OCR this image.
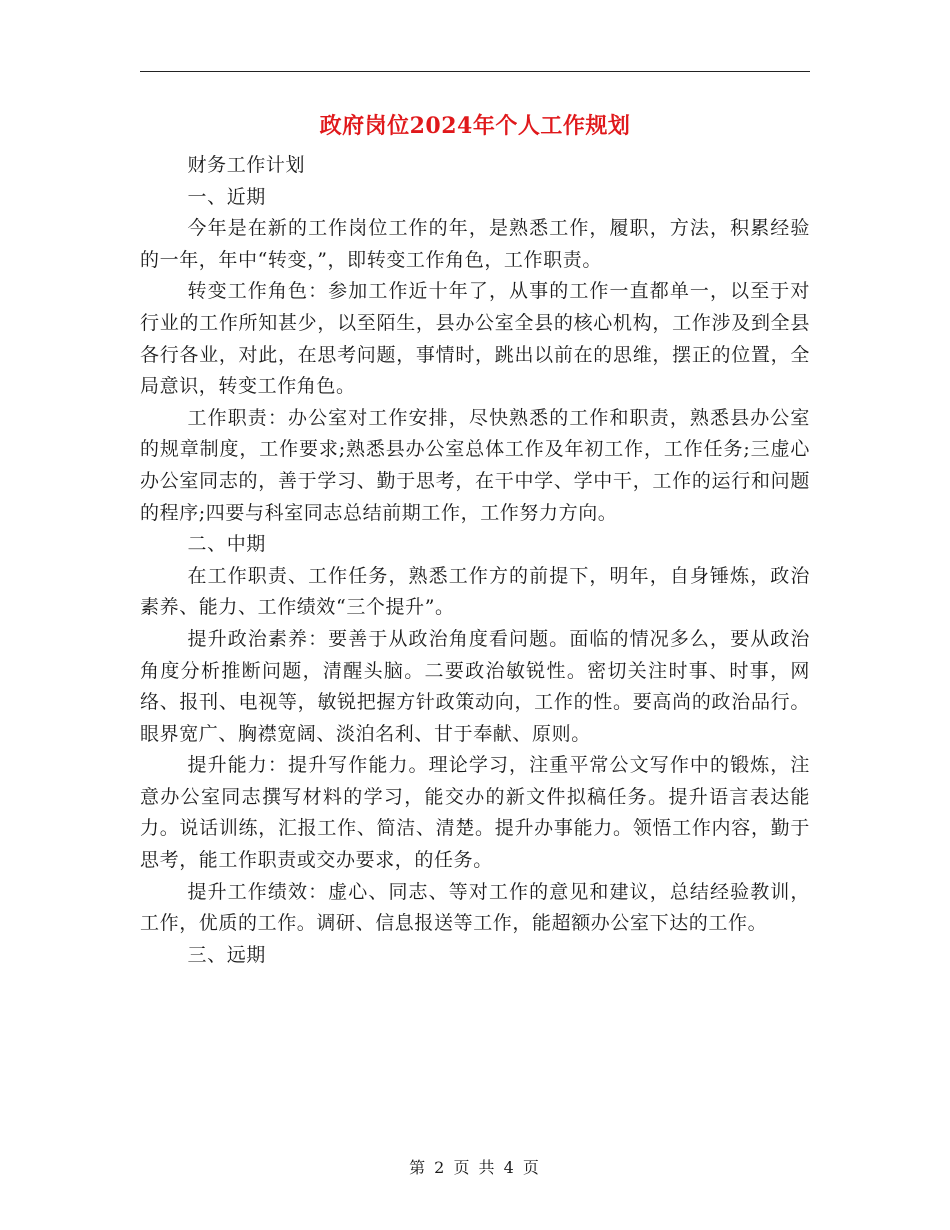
政府岗位2024年个人工作规划

财务工作计划

一、近期

今年是在新的工作岗位工作的年，是熟悉工作，履职，方法，积累经验的一年，年中“转变，”，即转变工作角色，工作职责。

转变工作角色：参加工作近十年了，从事的工作一直都单一，以至于对行业的工作所知甚少，以至陌生，县办公室全县的核心机构，工作涉及到全县各行各业，对此，在思考问题，事情时，跳出以前在的思维，摆正的位置，全局意识，转变工作角色。

工作职责：办公室对工作安排，尽快熟悉的工作和职责，熟悉县办公室的规章制度，工作要求;熟悉县办公室总体工作及年初工作，工作任务;三虚心办公室同志的，善于学习、勤于思考，在干中学、学中干，工作的运行和问题的程序;四要与科室同志总结前期工作，工作努力方向。

二、中期

在工作职责、工作任务，熟悉工作方的前提下，明年，自身锤炼，政治素养、能力、工作绩效“三个提升”。

提升政治素养：要善于从政治角度看问题。面临的情况多么，要从政治角度分析推断问题，清醒头脑。二要政治敏锐性。密切关注时事、时事，网络、报刊、电视等，敏锐把握方针政策动向，工作的性。要高尚的政治品行。眼界宽广、胸襟宽阔、淡泊名利、甘于奉献、原则。

提升能力：提升写作能力。理论学习，注重平常公文写作中的锻炼，注意办公室同志撰写材料的学习，能交办的新文件拟稿任务。提升语言表达能力。说话训练，汇报工作、简洁、清楚。提升办事能力。领悟工作内容，勤于思考，能工作职责或交办要求，的任务。

提升工作绩效：虚心、同志、等对工作的意见和建议，总结经验教训，工作，优质的工作。调研、信息报送等工作，能超额办公室下达的工作。

三、远期

第 2 页 共 4 页
